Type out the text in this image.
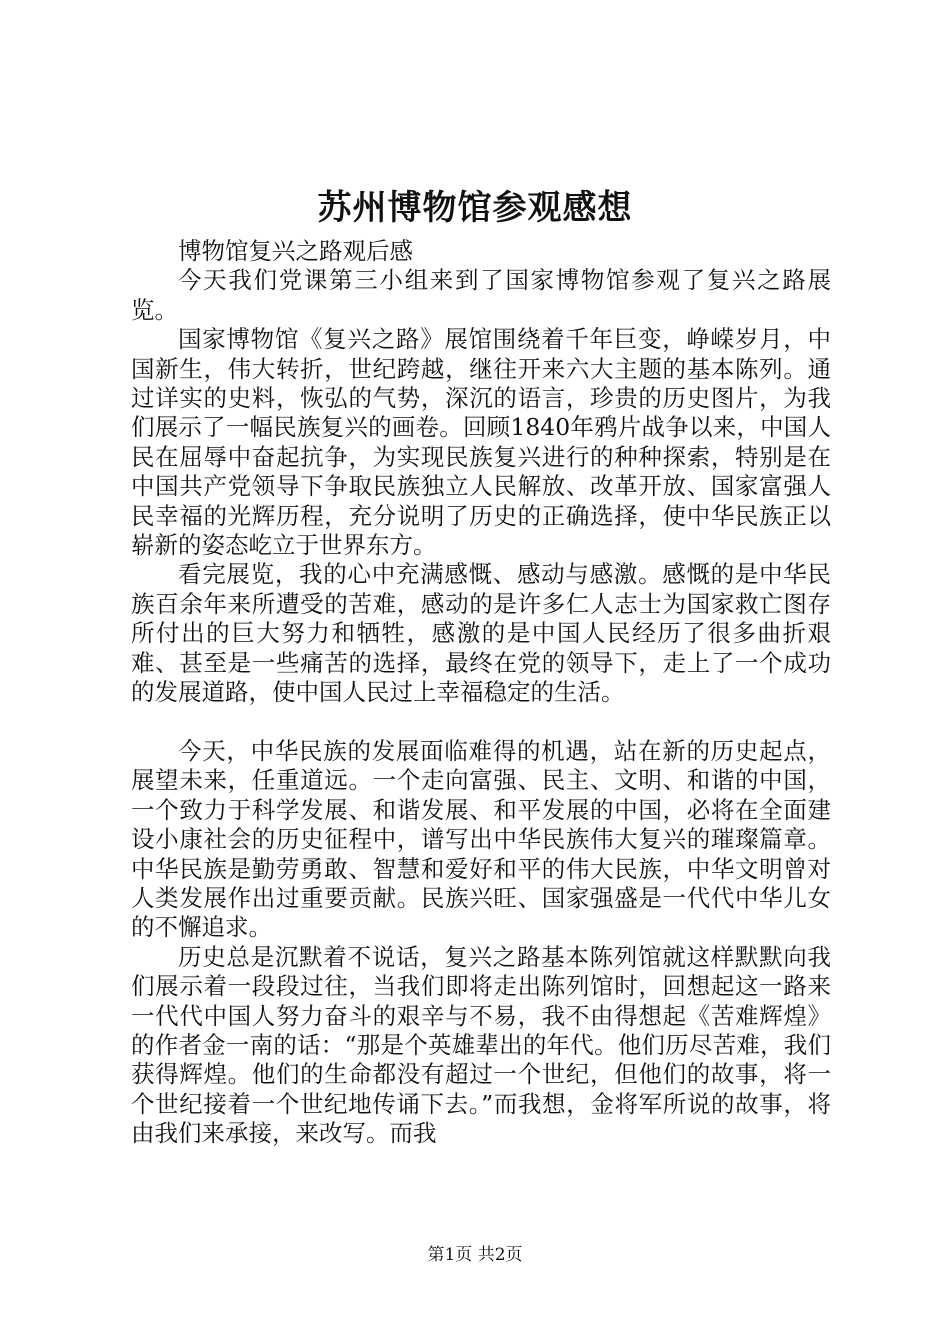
苏州博物馆参观感想

博物馆复兴之路观后感

今天我们党课第三小组来到了国家博物馆参观了复兴之路展览。

国家博物馆《复兴之路》展馆围绕着千年巨变，峥嵘岁月，中国新生，伟大转折，世纪跨越，继往开来六大主题的基本陈列。通过详实的史料，恢弘的气势，深沉的语言，珍贵的历史图片，为我们展示了一幅民族复兴的画卷。回顾1840年鸦片战争以来，中国人民在屈辱中奋起抗争，为实现民族复兴进行的种种探索，特别是在中国共产党领导下争取民族独立人民解放、改革开放、国家富强人民幸福的光辉历程，充分说明了历史的正确选择，使中华民族正以崭新的姿态屹立于世界东方。

看完展览，我的心中充满感慨、感动与感激。感慨的是中华民族百余年来所遭受的苦难，感动的是许多仁人志士为国家救亡图存所付出的巨大努力和牺牲，感激的是中国人民经历了很多曲折艰难、甚至是一些痛苦的选择，最终在党的领导下，走上了一个成功的发展道路，使中国人民过上幸福稳定的生活。

今天，中华民族的发展面临难得的机遇，站在新的历史起点，展望未来，任重道远。一个走向富强、民主、文明、和谐的中国，一个致力于科学发展、和谐发展、和平发展的中国，必将在全面建设小康社会的历史征程中，谱写出中华民族伟大复兴的璀璨篇章。中华民族是勤劳勇敢、智慧和爱好和平的伟大民族，中华文明曾对人类发展作出过重要贡献。民族兴旺、国家强盛是一代代中华儿女的不懈追求。

历史总是沉默着不说话，复兴之路基本陈列馆就这样默默向我们展示着一段段过往，当我们即将走出陈列馆时，回想起这一路来一代代中国人努力奋斗的艰辛与不易，我不由得想起《苦难辉煌》的作者金一南的话：“那是个英雄辈出的年代。他们历尽苦难，我们获得辉煌。他们的生命都没有超过一个世纪，但他们的故事，将一个世纪接着一个世纪地传诵下去。”而我想，金将军所说的故事，将由我们来承接，来改写。而我

第1页 共2页
